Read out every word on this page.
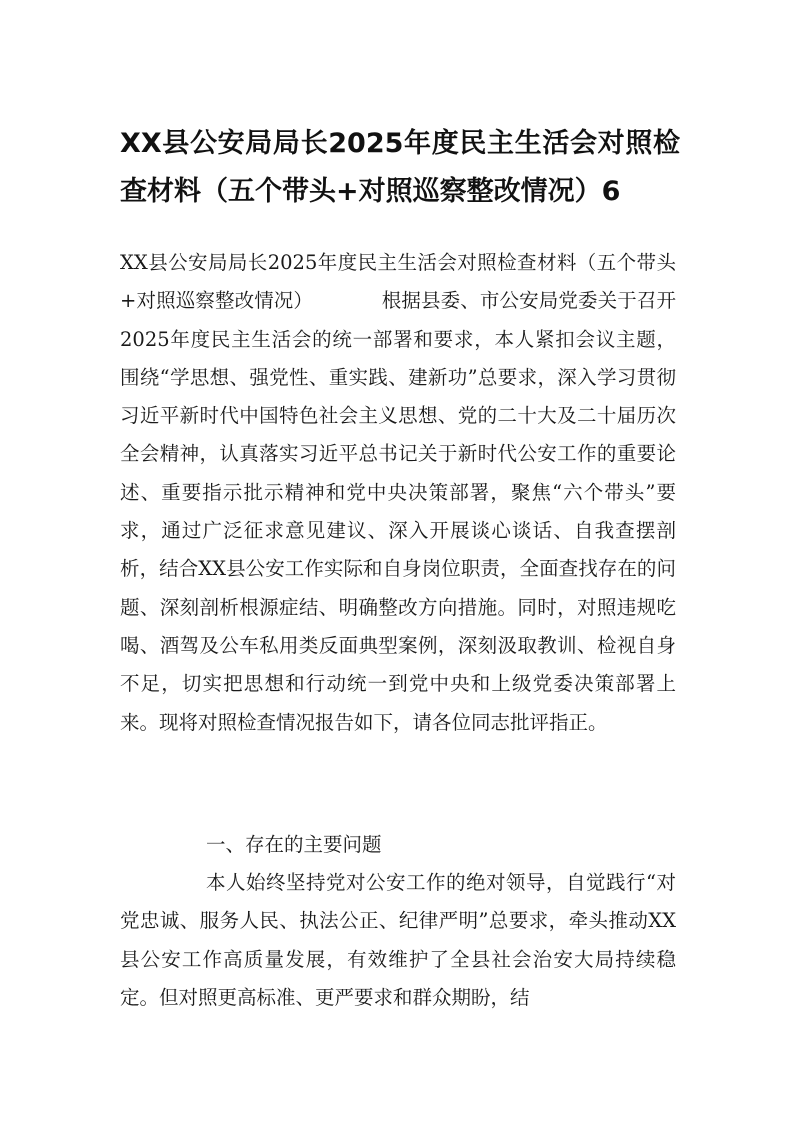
XX县公安局局长2025年度民主生活会对照检查材料（五个带头+对照巡察整改情况）6

XX县公安局局长2025年度民主生活会对照检查材料（五个带头+对照巡察整改情况）　　　　根据县委、市公安局党委关于召开2025年度民主生活会的统一部署和要求，本人紧扣会议主题，围绕“学思想、强党性、重实践、建新功”总要求，深入学习贯彻习近平新时代中国特色社会主义思想、党的二十大及二十届历次全会精神，认真落实习近平总书记关于新时代公安工作的重要论述、重要指示批示精神和党中央决策部署，聚焦“六个带头”要求，通过广泛征求意见建议、深入开展谈心谈话、自我查摆剖析，结合XX县公安工作实际和自身岗位职责，全面查找存在的问题、深刻剖析根源症结、明确整改方向措施。同时，对照违规吃喝、酒驾及公车私用类反面典型案例，深刻汲取教训、检视自身不足，切实把思想和行动统一到党中央和上级党委决策部署上来。现将对照检查情况报告如下，请各位同志批评指正。

一、存在的主要问题

本人始终坚持党对公安工作的绝对领导，自觉践行“对党忠诚、服务人民、执法公正、纪律严明”总要求，牵头推动XX县公安工作高质量发展，有效维护了全县社会治安大局持续稳定。但对照更高标准、更严要求和群众期盼，结
